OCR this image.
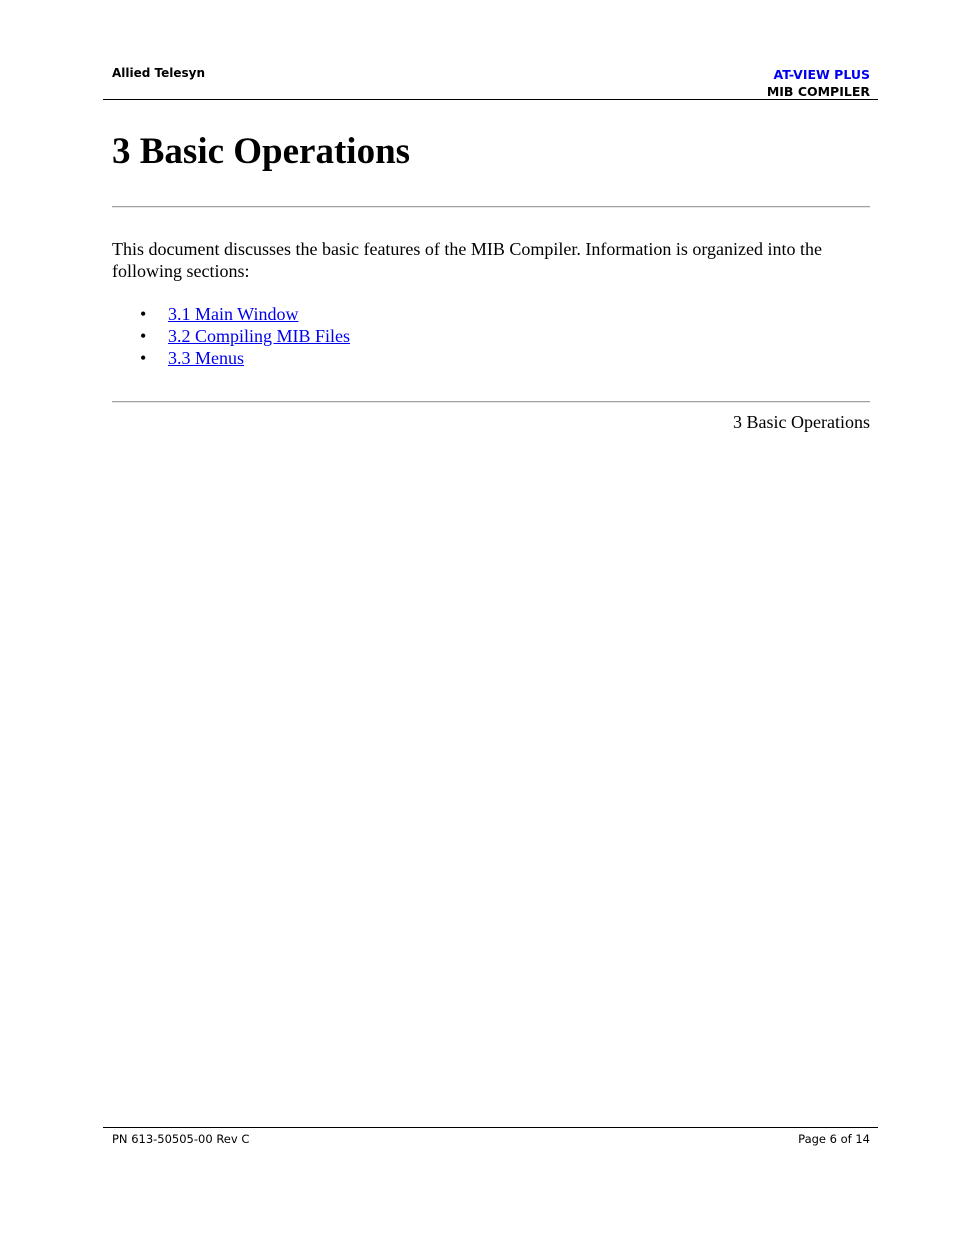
Allied Telesyn	AT-VIEW PLUS
MIB COMPILER
3 Basic Operations

This document discusses the basic features of the MIB Compiler. Information is organized into the following sections:

• 3.1 Main Window
• 3.2 Compiling MIB Files
• 3.3 Menus
3 Basic Operations
PN 613-50505-00 Rev C	Page 6 of 14
